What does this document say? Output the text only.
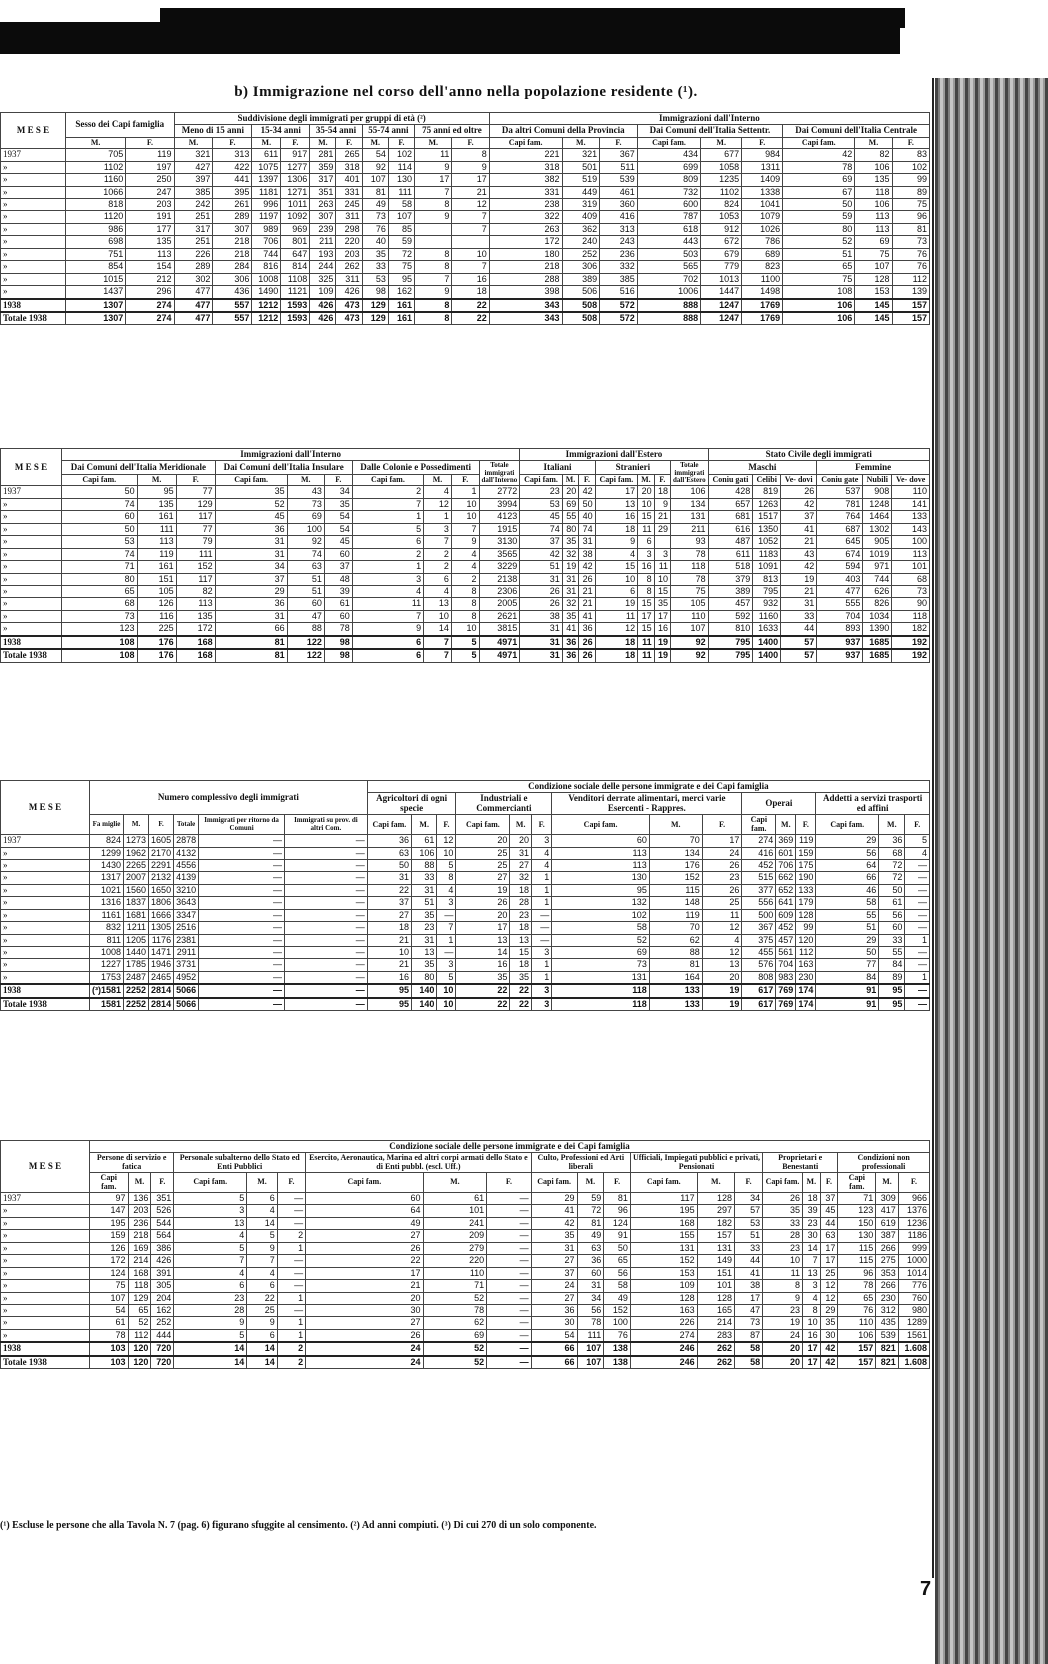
b) Immigrazione nel corso dell'anno nella popolazione residente (¹).
M E S E	Sesso dei Capi famiglia		Suddivisione degli immigrati per gruppi di età (²)										Immigrazioni dall'Interno								
			Meno di 15 anni		15-34 anni		35-54 anni		55-74 anni		75 anni ed oltre		Da altri Comuni della Provincia			Dai Comuni dell'Italia Settentr.			Dai Comuni dell'Italia Centrale		
	M.	F.	M.	F.	M.	F.	M.	F.	M.	F.	M.	F.	Capi fam.	M.	F.	Capi fam.	M.	F.	Capi fam.	M.	F.
1937	705	119	321	313	611	917	281	265	54	102	11	8	221	321	367	434	677	984	42	82	83
»	1102	197	427	422	1075	1277	359	318	92	114	9	9	318	501	511	699	1058	1311	78	106	102
»	1160	250	397	441	1397	1306	317	401	107	130	17	17	382	519	539	809	1235	1409	69	135	99
»	1066	247	385	395	1181	1271	351	331	81	111	7	21	331	449	461	732	1102	1338	67	118	89
»	818	203	242	261	996	1011	263	245	49	58	8	12	238	319	360	600	824	1041	50	106	75
»	1120	191	251	289	1197	1092	307	311	73	107	9	7	322	409	416	787	1053	1079	59	113	96
»	986	177	317	307	989	969	239	298	76	85		7	263	362	313	618	912	1026	80	113	81
»	698	135	251	218	706	801	211	220	40	59			172	240	243	443	672	786	52	69	73
»	751	113	226	218	744	647	193	203	35	72	8	10	180	252	236	503	679	689	51	75	76
»	854	154	289	284	816	814	244	262	33	75	8	7	218	306	332	565	779	823	65	107	76
»	1015	212	302	306	1008	1108	325	311	53	95	7	16	288	389	385	702	1013	1100	75	128	112
»	1437	296	477	436	1490	1121	109	426	98	162	9	18	398	506	516	1006	1447	1498	108	153	139
1938	1307	274	477	557	1212	1593	426	473	129	161	8	22	343	508	572	888	1247	1769	106	145	157
Totale 1938	1307	274	477	557	1212	1593	426	473	129	161	8	22	343	508	572	888	1247	1769	106	145	157
M E S E	Immigrazioni dall'Interno										Immigrazioni dall'Estero							Stato Civile degli immigrati					
	Dai Comuni dell'Italia Meridionale			Dai Comuni dell'Italia Insulare			Dalle Colonie e Possedimenti			Totale immigrati dall'Interno	Italiani			Stranieri			Totale immigrati dall'Estero	Maschi			Femmine		
	Capi fam.	M.	F.	Capi fam.	M.	F.	Capi fam.	M.	F.		Capi fam.	M.	F.	Capi fam.	M.	F.		Coniu gati	Celibi	Ve- dovi	Coniu gate	Nubili	Ve- dove
1937	50	95	77	35	43	34	2	4	1	2772	23	20	42	17	20	18	106	428	819	26	537	908	110
»	74	135	129	52	73	35	7	12	10	3994	53	69	50	13	10	9	134	657	1263	42	781	1248	141
»	60	161	117	45	69	54	1	1	10	4123	45	55	40	16	15	21	131	681	1517	37	764	1464	133
»	50	111	77	36	100	54	5	3	7	1915	74	80	74	18	11	29	211	616	1350	41	687	1302	143
»	53	113	79	31	92	45	6	7	9	3130	37	35	31	9	6		93	487	1052	21	645	905	100
»	74	119	111	31	74	60	2	2	4	3565	42	32	38	4	3	3	78	611	1183	43	674	1019	113
»	71	161	152	34	63	37	1	2	4	3229	51	19	42	15	16	11	118	518	1091	42	594	971	101
»	80	151	117	37	51	48	3	6	2	2138	31	31	26	10	8	10	78	379	813	19	403	744	68
»	65	105	82	29	51	39	4	4	8	2306	26	31	21	6	8	15	75	389	795	21	477	626	73
»	68	126	113	36	60	61	11	13	8	2005	26	32	21	19	15	35	105	457	932	31	555	826	90
»	73	116	135	31	47	60	7	10	8	2621	38	35	41	11	17	17	110	592	1160	33	704	1034	118
»	123	225	172	66	88	78	9	14	10	3815	31	41	36	12	15	16	107	810	1633	44	893	1390	182
1938	108	176	168	81	122	98	6	7	5	4971	31	36	26	18	11	19	92	795	1400	57	937	1685	192
Totale 1938	108	176	168	81	122	98	6	7	5	4971	31	36	26	18	11	19	92	795	1400	57	937	1685	192
M E S E	Numero complessivo degli immigrati						Condizione sociale delle persone immigrate e dei Capi famiglia														
							Agricoltori di ogni specie			Industriali e Commercianti			Venditori derrate alimentari, merci varie Esercenti - Rappres.			Operai			Addetti a servizi trasporti ed affini		
	Fa miglie	M.	F.	Totale	Immigrati per ritorno da Comuni	Immigrati su prov. di altri Com.	Capi fam.	M.	F.	Capi fam.	M.	F.	Capi fam.	M.	F.	Capi fam.	M.	F.	Capi fam.	M.	F.
1937	824	1273	1605	2878	—	—	36	61	12	20	20	3	60	70	17	274	369	119	29	36	5
»	1299	1962	2170	4132	—	—	63	106	10	25	31	4	113	134	24	416	601	159	56	68	4
»	1430	2265	2291	4556	—	—	50	88	5	25	27	4	113	176	26	452	706	175	64	72	—
»	1317	2007	2132	4139	—	—	31	33	8	27	32	1	130	152	23	515	662	190	66	72	—
»	1021	1560	1650	3210	—	—	22	31	4	19	18	1	95	115	26	377	652	133	46	50	—
»	1316	1837	1806	3643	—	—	37	51	3	26	28	1	132	148	25	556	641	179	58	61	—
»	1161	1681	1666	3347	—	—	27	35	—	20	23	—	102	119	11	500	609	128	55	56	—
»	832	1211	1305	2516	—	—	18	23	7	17	18	—	58	70	12	367	452	99	51	60	—
»	811	1205	1176	2381	—	—	21	31	1	13	13	—	52	62	4	375	457	120	29	33	1
»	1008	1440	1471	2911	—	—	10	13	—	14	15	3	69	88	12	455	561	112	50	55	—
»	1227	1785	1946	3731	—	—	21	35	3	16	18	1	73	81	13	576	704	163	77	84	—
»	1753	2487	2465	4952	—	—	16	80	5	35	35	1	131	164	20	808	983	230	84	89	1
1938	(³)1581	2252	2814	5066	—	—	95	140	10	22	22	3	118	133	19	617	769	174	91	95	—
Totale 1938	1581	2252	2814	5066	—	—	95	140	10	22	22	3	118	133	19	617	769	174	91	95	—
M E S E	Condizione sociale delle persone immigrate e dei Capi famiglia																				
	Persone di servizio e fatica			Personale subalterno dello Stato ed Enti Pubblici			Esercito, Aeronautica, Marina ed altri corpi armati dello Stato e di Enti pubbl. (escl. Uff.)			Culto, Professioni ed Arti liberali			Ufficiali, Impiegati pubblici e privati, Pensionati			Proprietari e Benestanti			Condizioni non professionali		
	Capi fam.	M.	F.	Capi fam.	M.	F.	Capi fam.	M.	F.	Capi fam.	M.	F.	Capi fam.	M.	F.	Capi fam.	M.	F.	Capi fam.	M.	F.
1937	97	136	351	5	6	—	60	61	—	29	59	81	117	128	34	26	18	37	71	309	966
»	147	203	526	3	4	—	64	101	—	41	72	96	195	297	57	35	39	45	123	417	1376
»	195	236	544	13	14	—	49	241	—	42	81	124	168	182	53	33	23	44	150	619	1236
»	159	218	564	4	5	2	27	209	—	35	49	91	155	157	51	28	30	63	130	387	1186
»	126	169	386	5	9	1	26	279	—	31	63	50	131	131	33	23	14	17	115	266	999
»	172	214	426	7	7	—	22	220	—	27	36	65	152	149	44	10	7	17	115	275	1000
»	124	168	391	4	4	—	17	110	—	37	60	56	153	151	41	11	13	25	96	353	1014
»	75	118	305	6	6	—	21	71	—	24	31	58	109	101	38	8	3	12	78	266	776
»	107	129	204	23	22	1	20	52	—	27	34	49	128	128	17	9	4	12	65	230	760
»	54	65	162	28	25	—	30	78	—	36	56	152	163	165	47	23	8	29	76	312	980
»	61	52	252	9	9	1	27	62	—	30	78	100	226	214	73	19	10	35	110	435	1289
»	78	112	444	5	6	1	26	69	—	54	111	76	274	283	87	24	16	30	106	539	1561
1938	103	120	720	14	14	2	24	52	—	66	107	138	246	262	58	20	17	42	157	821	1.608
Totale 1938	103	120	720	14	14	2	24	52	—	66	107	138	246	262	58	20	17	42	157	821	1.608
(¹) Escluse le persone che alla Tavola N. 7 (pag. 6) figurano sfuggite al censimento. (²) Ad anni compiuti. (³) Di cui 270 di un solo componente.
7
